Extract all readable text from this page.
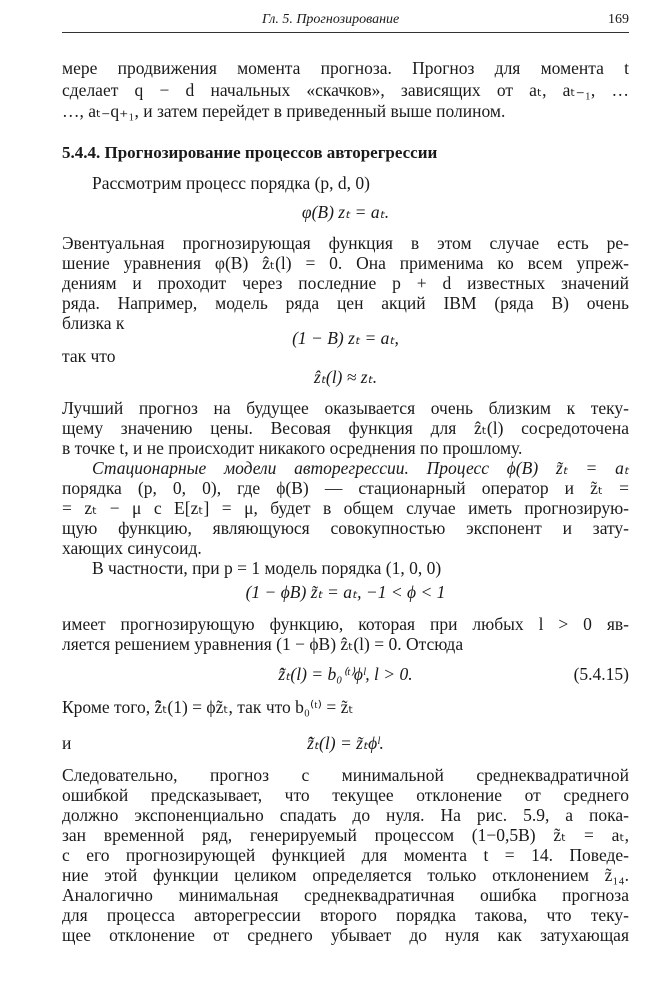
Гл. 5. Прогнозирование	169
мере продвижения момента прогноза. Прогноз для момента t
сделает q − d начальных «скачков», зависящих от aₜ, aₜ₋₁, …
…, aₜ₋q₊₁, и затем перейдет в приведенный выше полином.
5.4.4. Прогнозирование процессов авторегрессии
Рассмотрим процесс порядка (p, d, 0)
φ(B) zₜ = aₜ.
Эвентуальная прогнозирующая функция в этом случае есть ре-
шение уравнения φ(B) ẑₜ(l) = 0. Она применима ко всем упреж-
дениям и проходит через последние p + d известных значений
ряда. Например, модель ряда цен акций IBM (ряда B) очень
близка к
(1 − B) zₜ = aₜ,
так что
ẑₜ(l) ≈ zₜ.
Лучший прогноз на будущее оказывается очень близким к теку-
щему значению цены. Весовая функция для ẑₜ(l) сосредоточена
в точке t, и не происходит никакого осреднения по прошлому.
Стационарные модели авторегрессии. Процесс ϕ(B) z̃ₜ = aₜ
порядка (p, 0, 0), где ϕ(B) — стационарный оператор и z̃ₜ =
= zₜ − μ с E[zₜ] = μ, будет в общем случае иметь прогнозирую-
щую функцию, являющуюся совокупностью экспонент и зату-
хающих синусоид.
В частности, при p = 1 модель порядка (1, 0, 0)
(1 − ϕB) z̃ₜ = aₜ, −1 < ϕ < 1
имеет прогнозирующую функцию, которая при любых l > 0 яв-
ляется решением уравнения (1 − ϕB) ẑₜ(l) = 0. Отсюда
z̃̂ₜ(l) = b₀⁽ᵗ⁾ϕˡ, l > 0.	(5.4.15)
Кроме того, z̃̂ₜ(1) = ϕz̃ₜ, так что b₀⁽ᵗ⁾ = z̃ₜ
и	z̃̂ₜ(l) = z̃ₜϕˡ.
Следовательно, прогноз с минимальной среднеквадратичной
ошибкой предсказывает, что текущее отклонение от среднего
должно экспоненциально спадать до нуля. На рис. 5.9, a пока-
зан временной ряд, генерируемый процессом (1−0,5B) z̃ₜ = aₜ,
с его прогнозирующей функцией для момента t = 14. Поведе-
ние этой функции целиком определяется только отклонением z̃₁₄.
Аналогично минимальная среднеквадратичная ошибка прогноза
для процесса авторегрессии второго порядка такова, что теку-
щее отклонение от среднего убывает до нуля как затухающая
